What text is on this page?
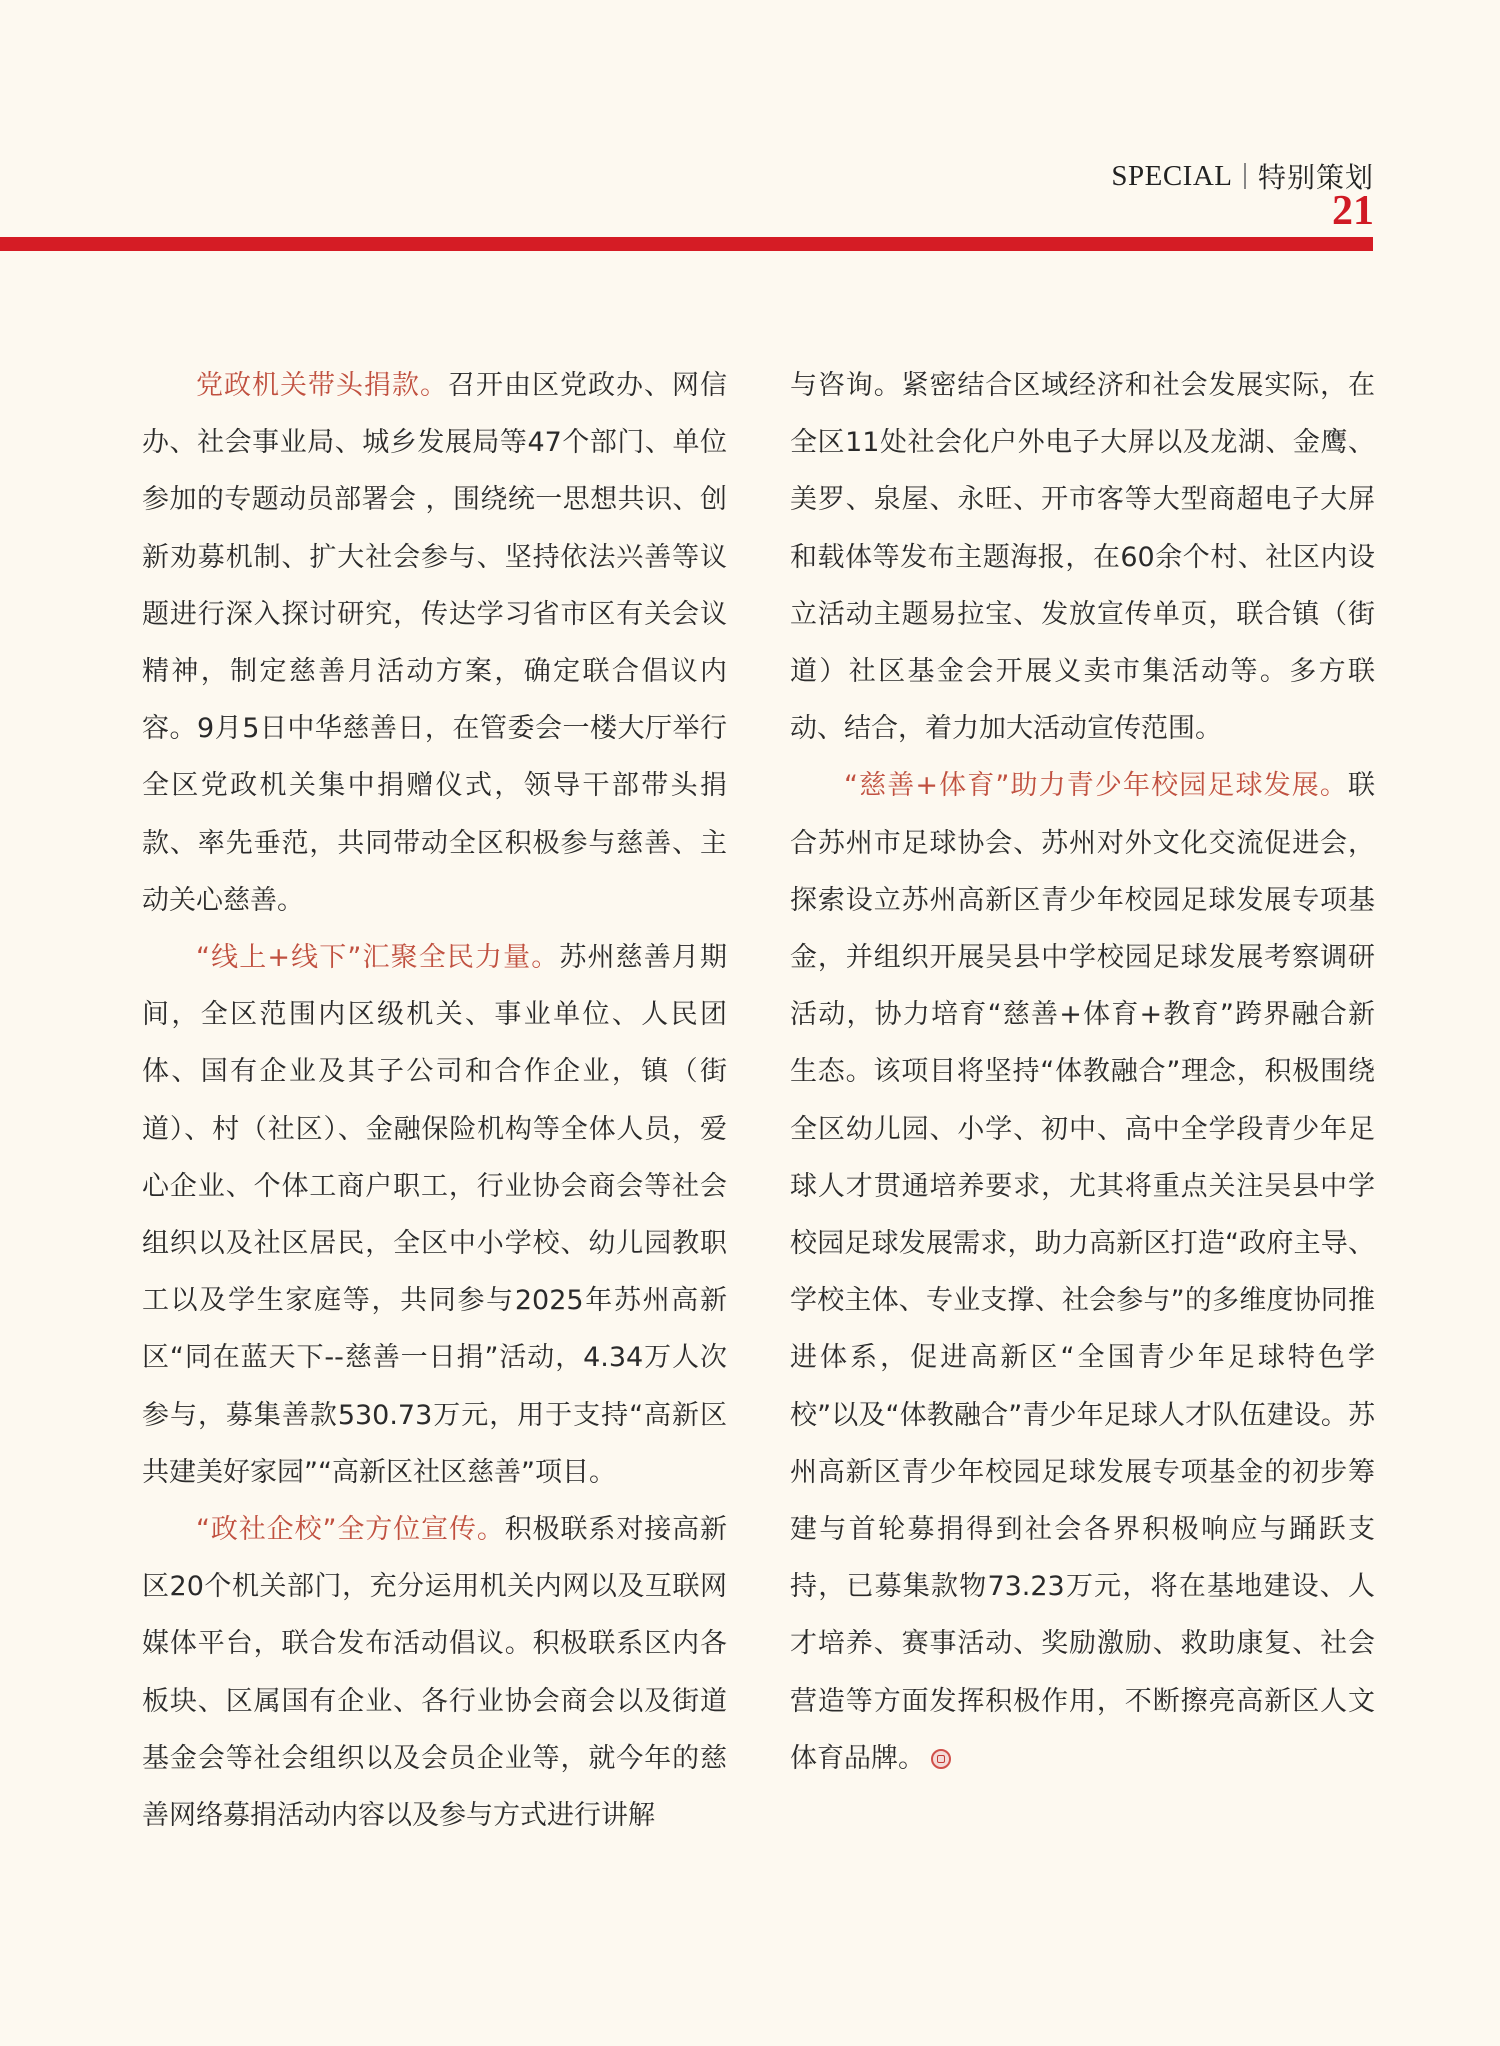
SPECIAL 特别策划
21

党政机关带头捐款。召开由区党政办、网信办、社会事业局、城乡发展局等47个部门、单位参加的专题动员部署会 ，围绕统一思想共识、创新劝募机制、扩大社会参与、坚持依法兴善等议题进行深入探讨研究，传达学习省市区有关会议精神，制定慈善月活动方案，确定联合倡议内容。9月5日中华慈善日，在管委会一楼大厅举行全区党政机关集中捐赠仪式，领导干部带头捐款、率先垂范，共同带动全区积极参与慈善、主动关心慈善。

“线上+线下”汇聚全民力量。苏州慈善月期间，全区范围内区级机关、事业单位、人民团体、国有企业及其子公司和合作企业，镇（街道）、村（社区）、金融保险机构等全体人员，爱心企业、个体工商户职工，行业协会商会等社会组织以及社区居民，全区中小学校、幼儿园教职工以及学生家庭等，共同参与2025年苏州高新区“同在蓝天下--慈善一日捐”活动，4.34万人次参与，募集善款530.73万元，用于支持“高新区共建美好家园”“高新区社区慈善”项目。

“政社企校”全方位宣传。积极联系对接高新区20个机关部门，充分运用机关内网以及互联网媒体平台，联合发布活动倡议。积极联系区内各板块、区属国有企业、各行业协会商会以及街道基金会等社会组织以及会员企业等，就今年的慈善网络募捐活动内容以及参与方式进行讲解

与咨询。紧密结合区域经济和社会发展实际，在全区11处社会化户外电子大屏以及龙湖、金鹰、美罗、泉屋、永旺、开市客等大型商超电子大屏和载体等发布主题海报，在60余个村、社区内设立活动主题易拉宝、发放宣传单页，联合镇（街道）社区基金会开展义卖市集活动等。多方联动、结合，着力加大活动宣传范围。

“慈善+体育”助力青少年校园足球发展。联合苏州市足球协会、苏州对外文化交流促进会，探索设立苏州高新区青少年校园足球发展专项基金，并组织开展吴县中学校园足球发展考察调研活动，协力培育“慈善+体育+教育”跨界融合新生态。该项目将坚持“体教融合”理念，积极围绕全区幼儿园、小学、初中、高中全学段青少年足球人才贯通培养要求，尤其将重点关注吴县中学校园足球发展需求，助力高新区打造“政府主导、学校主体、专业支撑、社会参与”的多维度协同推进体系，促进高新区“全国青少年足球特色学校”以及“体教融合”青少年足球人才队伍建设。苏州高新区青少年校园足球发展专项基金的初步筹建与首轮募捐得到社会各界积极响应与踊跃支持，已募集款物73.23万元，将在基地建设、人才培养、赛事活动、奖励激励、救助康复、社会营造等方面发挥积极作用，不断擦亮高新区人文体育品牌。
